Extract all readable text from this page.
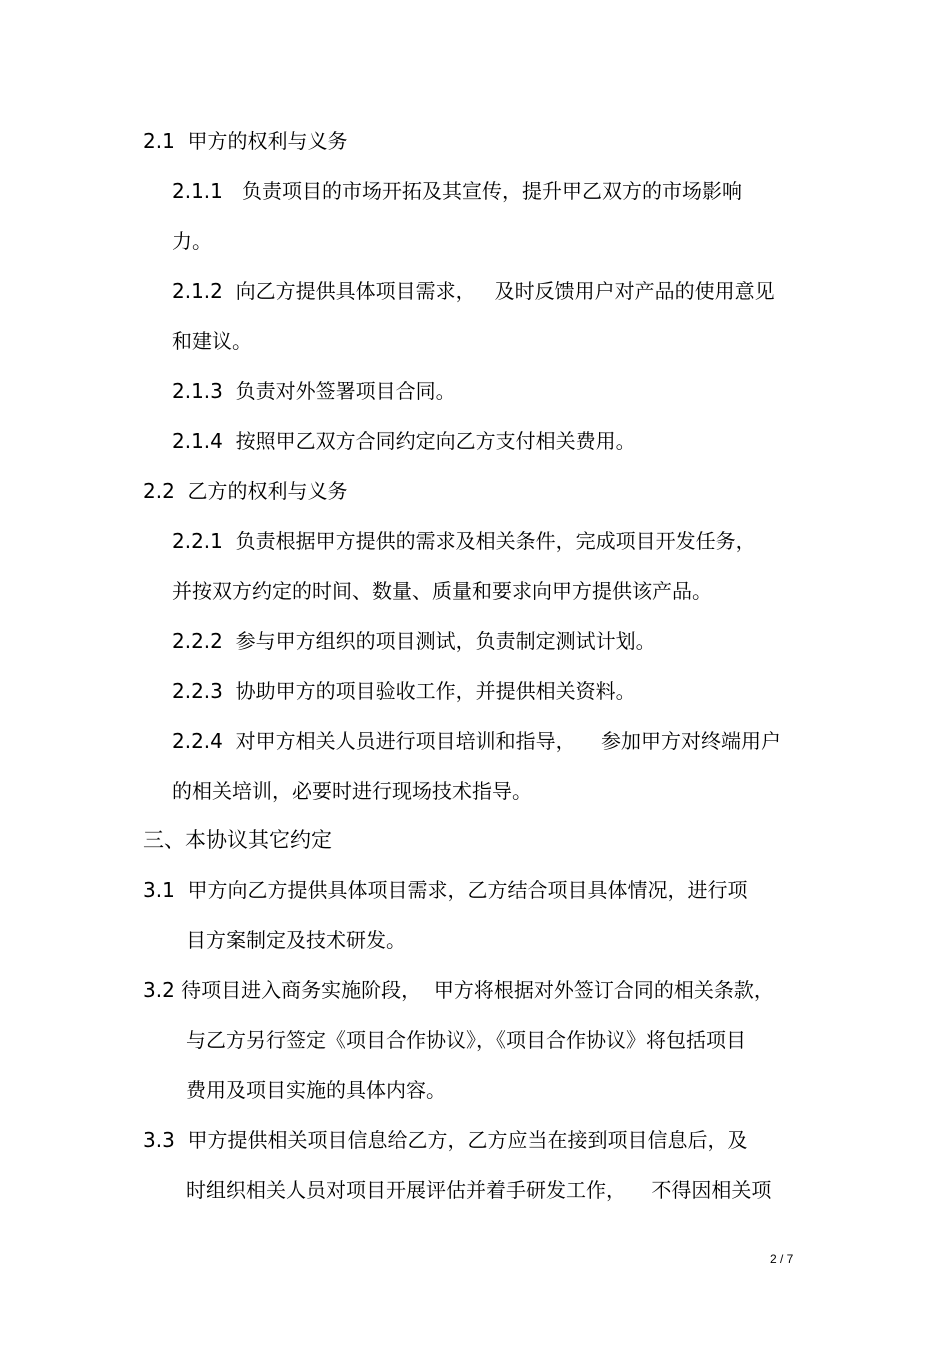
2.1  甲方的权利与义务

2.1.1   负责项目的市场开拓及其宣传，提升甲乙双方的市场影响

力。

2.1.2  向乙方提供具体项目需求，   及时反馈用户对产品的使用意见

和建议。

2.1.3  负责对外签署项目合同。

2.1.4  按照甲乙双方合同约定向乙方支付相关费用。

2.2  乙方的权利与义务

2.2.1  负责根据甲方提供的需求及相关条件，完成项目开发任务，

并按双方约定的时间、数量、质量和要求向甲方提供该产品。

2.2.2  参与甲方组织的项目测试，负责制定测试计划。

2.2.3  协助甲方的项目验收工作，并提供相关资料。

2.2.4  对甲方相关人员进行项目培训和指导，    参加甲方对终端用户

的相关培训，必要时进行现场技术指导。

三、本协议其它约定

3.1  甲方向乙方提供具体项目需求，乙方结合项目具体情况，进行项

目方案制定及技术研发。

3.2 待项目进入商务实施阶段，  甲方将根据对外签订合同的相关条款，

与乙方另行签定《项目合作协议》，《项目合作协议》将包括项目

费用及项目实施的具体内容。

3.3  甲方提供相关项目信息给乙方，乙方应当在接到项目信息后，及

时组织相关人员对项目开展评估并着手研发工作，    不得因相关项

2 / 7
